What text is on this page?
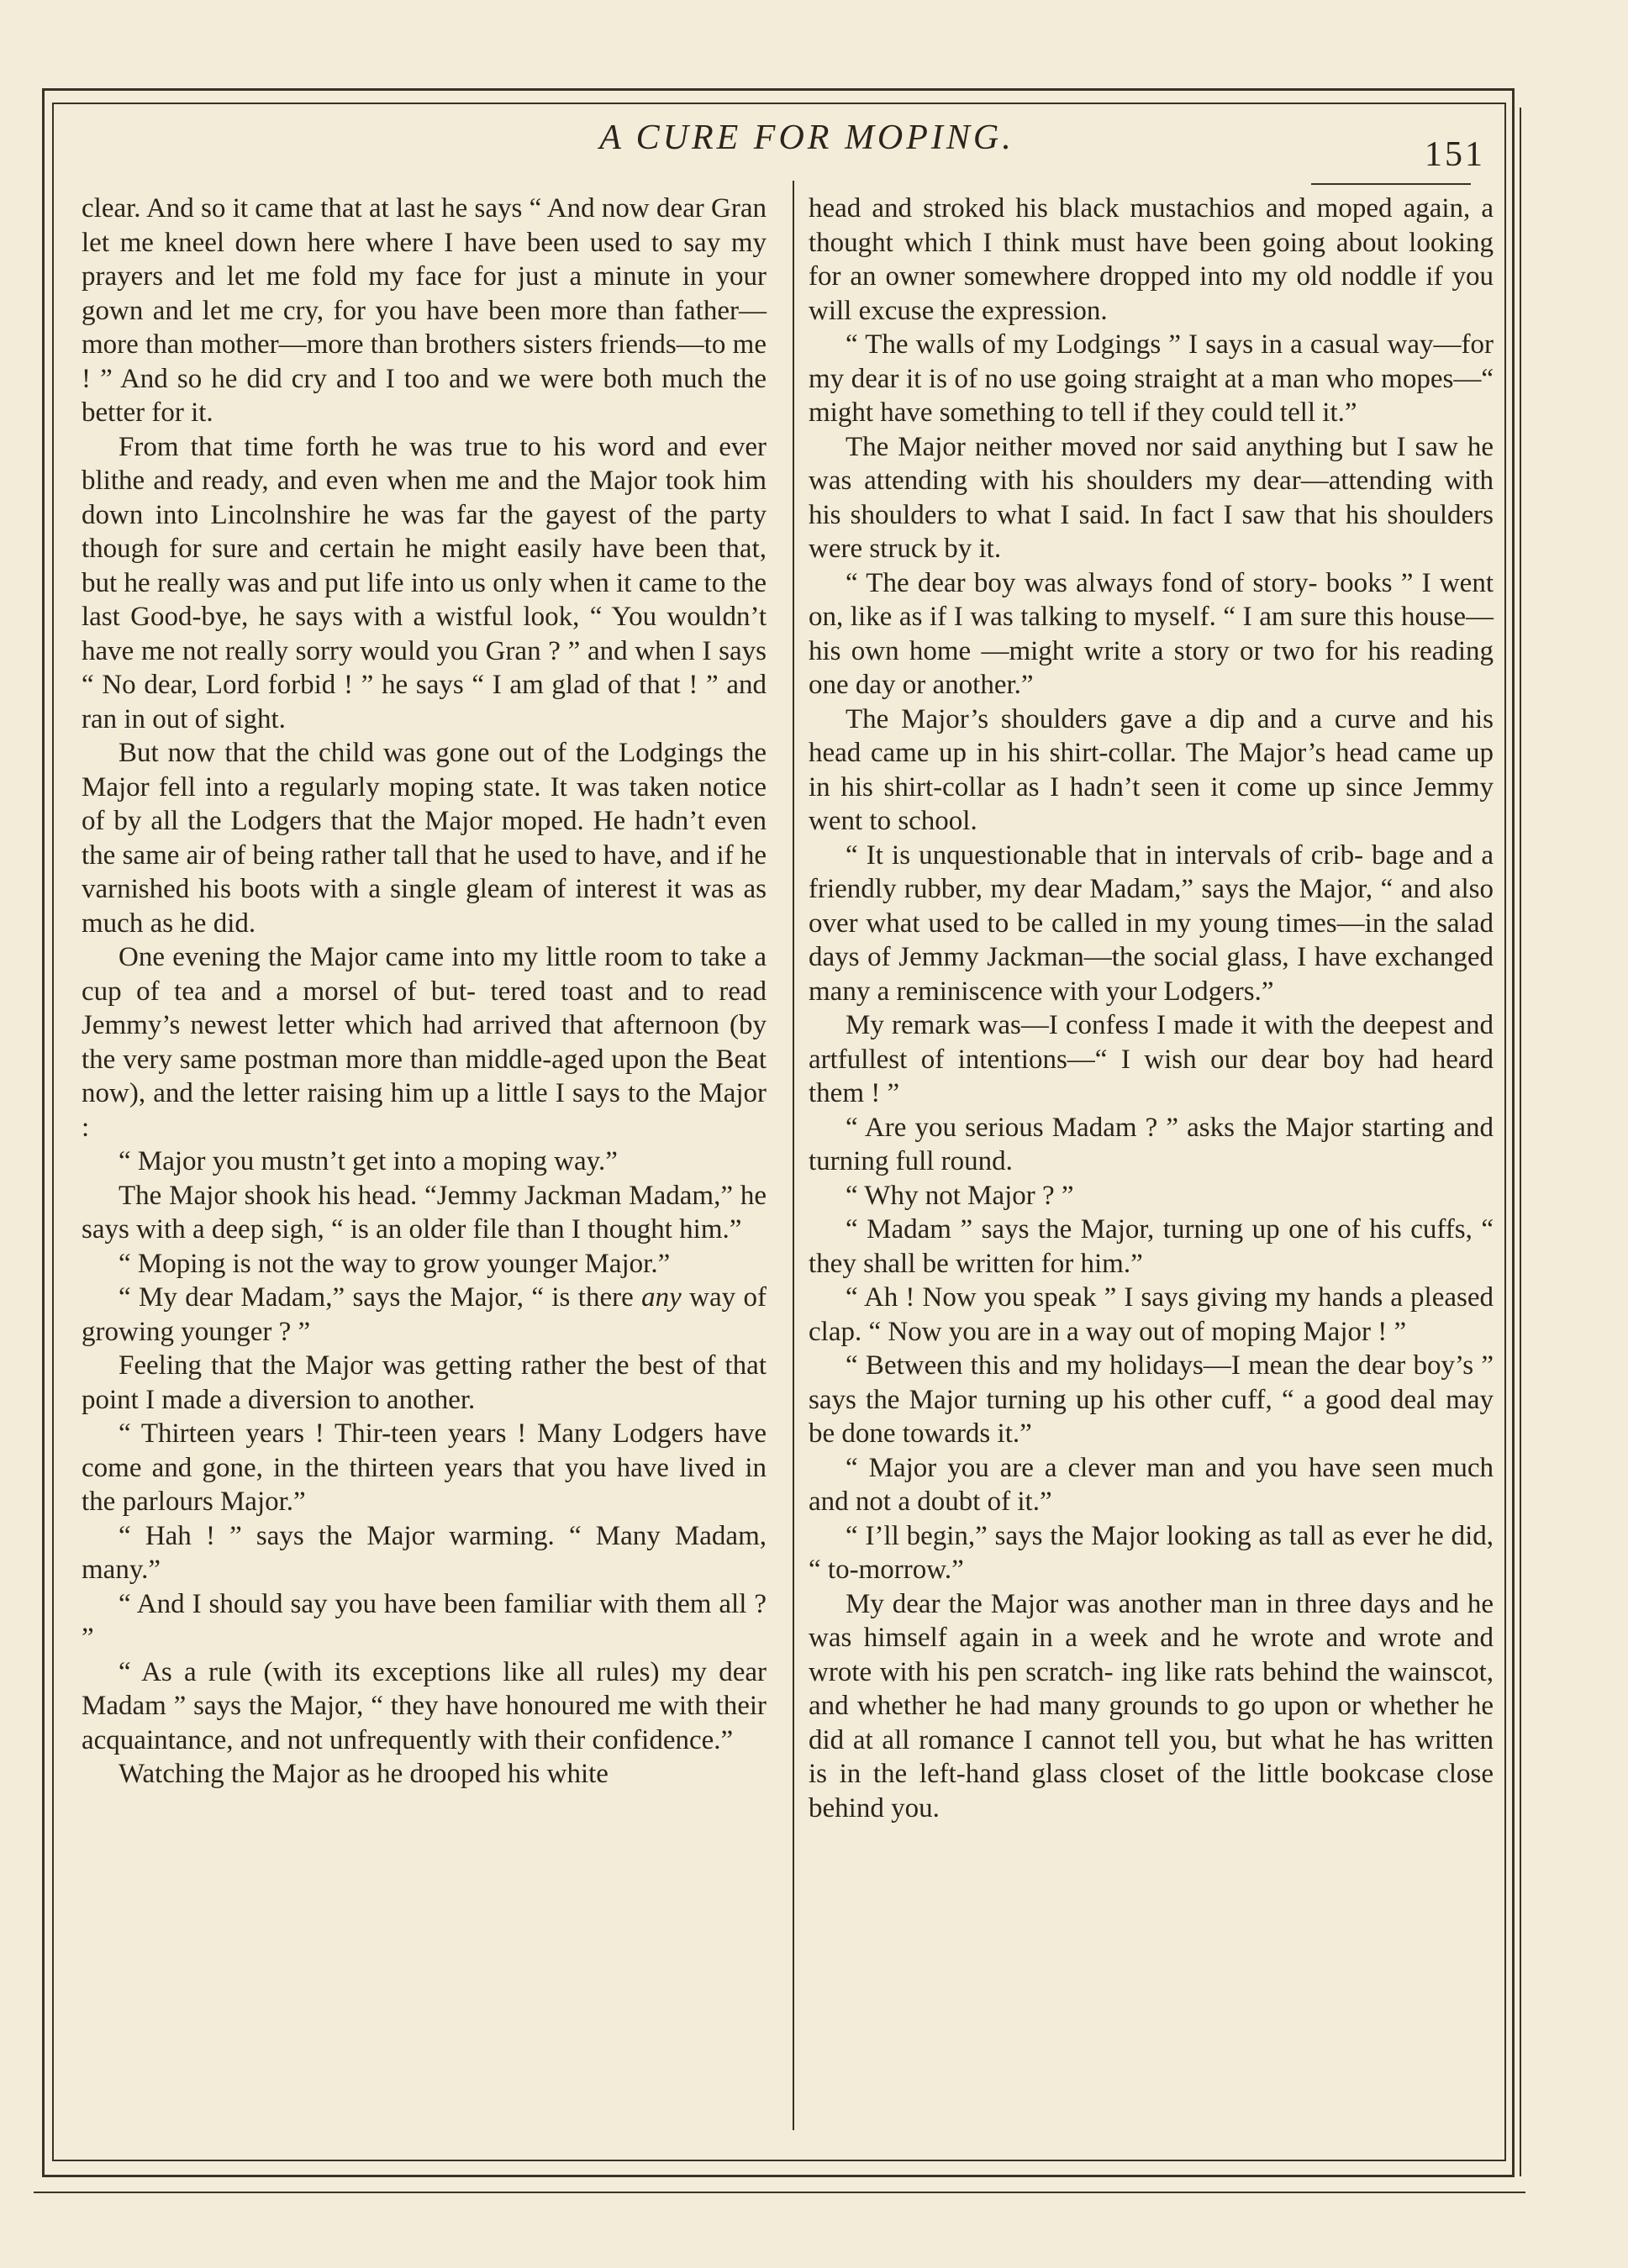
A CURE FOR MOPING.	151

clear. And so it came that at last he says “ And now dear Gran let me kneel down here where I have been used to say my prayers and let me fold my face for just a minute in your gown and let me cry, for you have been more than father—more than mother—more than brothers sisters friends—to me ! ” And so he did cry and I too and we were both much the better for it.

From that time forth he was true to his word and ever blithe and ready, and even when me and the Major took him down into Lincolnshire he was far the gayest of the party though for sure and certain he might easily have been that, but he really was and put life into us only when it came to the last Good-bye, he says with a wistful look, “ You wouldn’t have me not really sorry would you Gran ? ” and when I says “ No dear, Lord forbid ! ” he says “ I am glad of that ! ” and ran in out of sight.

But now that the child was gone out of the Lodgings the Major fell into a regularly moping state. It was taken notice of by all the Lodgers that the Major moped. He hadn’t even the same air of being rather tall that he used to have, and if he varnished his boots with a single gleam of interest it was as much as he did.

One evening the Major came into my little room to take a cup of tea and a morsel of but- tered toast and to read Jemmy’s newest letter which had arrived that afternoon (by the very same postman more than middle-aged upon the Beat now), and the letter raising him up a little I says to the Major :

“ Major you mustn’t get into a moping way.”

The Major shook his head. “Jemmy Jackman Madam,” he says with a deep sigh, “ is an older file than I thought him.”

“ Moping is not the way to grow younger Major.”

“ My dear Madam,” says the Major, “ is there any way of growing younger ? ”

Feeling that the Major was getting rather the best of that point I made a diversion to another.

“ Thirteen years ! Thir-teen years ! Many Lodgers have come and gone, in the thirteen years that you have lived in the parlours Major.”

“ Hah ! ” says the Major warming. “ Many Madam, many.”

“ And I should say you have been familiar with them all ? ”

“ As a rule (with its exceptions like all rules) my dear Madam ” says the Major, “ they have honoured me with their acquaintance, and not unfrequently with their confidence.”

Watching the Major as he drooped his white

head and stroked his black mustachios and moped again, a thought which I think must have been going about looking for an owner somewhere dropped into my old noddle if you will excuse the expression.

“ The walls of my Lodgings ” I says in a casual way—for my dear it is of no use going straight at a man who mopes—“ might have something to tell if they could tell it.”

The Major neither moved nor said anything but I saw he was attending with his shoulders my dear—attending with his shoulders to what I said. In fact I saw that his shoulders were struck by it.

“ The dear boy was always fond of story- books ” I went on, like as if I was talking to myself. “ I am sure this house—his own home —might write a story or two for his reading one day or another.”

The Major’s shoulders gave a dip and a curve and his head came up in his shirt-collar. The Major’s head came up in his shirt-collar as I hadn’t seen it come up since Jemmy went to school.

“ It is unquestionable that in intervals of crib- bage and a friendly rubber, my dear Madam,” says the Major, “ and also over what used to be called in my young times—in the salad days of Jemmy Jackman—the social glass, I have exchanged many a reminiscence with your Lodgers.”

My remark was—I confess I made it with the deepest and artfullest of intentions—“ I wish our dear boy had heard them ! ”

“ Are you serious Madam ? ” asks the Major starting and turning full round.

“ Why not Major ? ”

“ Madam ” says the Major, turning up one of his cuffs, “ they shall be written for him.”

“ Ah ! Now you speak ” I says giving my hands a pleased clap. “ Now you are in a way out of moping Major ! ”

“ Between this and my holidays—I mean the dear boy’s ” says the Major turning up his other cuff, “ a good deal may be done towards it.”

“ Major you are a clever man and you have seen much and not a doubt of it.”

“ I’ll begin,” says the Major looking as tall as ever he did, “ to-morrow.”

My dear the Major was another man in three days and he was himself again in a week and he wrote and wrote and wrote with his pen scratch- ing like rats behind the wainscot, and whether he had many grounds to go upon or whether he did at all romance I cannot tell you, but what he has written is in the left-hand glass closet of the little bookcase close behind you.
